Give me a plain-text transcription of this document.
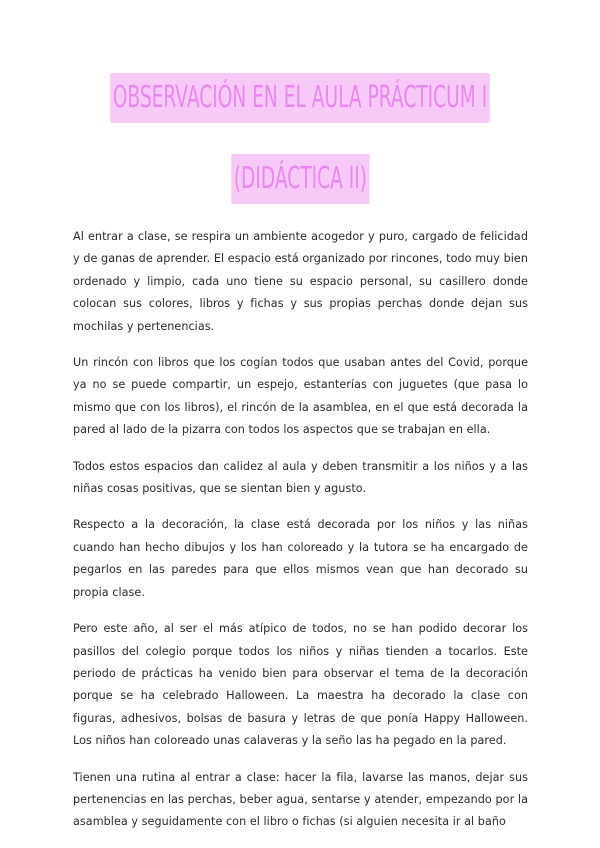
OBSERVACIÓN EN EL AULA PRÁCTICUM I
(DIDÁCTICA II)

Al entrar a clase, se respira un ambiente acogedor y puro, cargado de felicidad y de ganas de aprender. El espacio está organizado por rincones, todo muy bien ordenado y limpio, cada uno tiene su espacio personal, su casillero donde colocan sus colores, libros y fichas y sus propias perchas donde dejan sus mochilas y pertenencias.

Un rincón con libros que los cogían todos que usaban antes del Covid, porque ya no se puede compartir, un espejo, estanterías con juguetes (que pasa lo mismo que con los libros), el rincón de la asamblea, en el que está decorada la pared al lado de la pizarra con todos los aspectos que se trabajan en ella.

Todos estos espacios dan calidez al aula y deben transmitir a los niños y a las niñas cosas positivas, que se sientan bien y agusto.

Respecto a la decoración, la clase está decorada por los niños y las niñas cuando han hecho dibujos y los han coloreado y la tutora se ha encargado de pegarlos en las paredes para que ellos mismos vean que han decorado su propia clase.

Pero este año, al ser el más atípico de todos, no se han podido decorar los pasillos del colegio porque todos los niños y niñas tienden a tocarlos. Este periodo de prácticas ha venido bien para observar el tema de la decoración porque se ha celebrado Halloween. La maestra ha decorado la clase con figuras, adhesivos, bolsas de basura y letras de que ponía Happy Halloween. Los niños han coloreado unas calaveras y la seño las ha pegado en la pared.

Tienen una rutina al entrar a clase: hacer la fila, lavarse las manos, dejar sus pertenencias en las perchas, beber agua, sentarse y atender, empezando por la asamblea y seguidamente con el libro o fichas (si alguien necesita ir al baño
